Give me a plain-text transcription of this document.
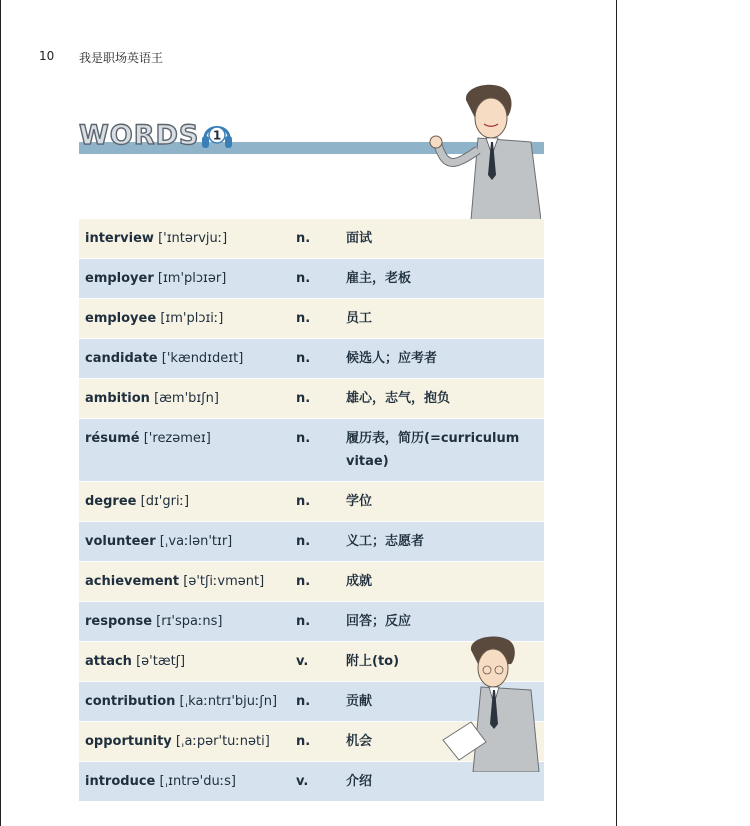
10 我是职场英语王
WORDS 1
interview ['ɪntərvjuː]	n.	面试
employer [ɪm'plɔɪər]	n.	雇主，老板
employee [ɪm'plɔɪiː]	n.	员工
candidate ['kændɪdeɪt]	n.	候选人；应考者
ambition [æm'bɪʃn]	n.	雄心，志气，抱负
résumé ['rezəmeɪ]	n.	履历表，简历(=curriculum vitae)
degree [dɪ'griː]	n.	学位
volunteer [ˌvaːlən'tɪr]	n.	义工；志愿者
achievement [ə'tʃiːvmənt]	n.	成就
response [rɪ'spaːns]	n.	回答；反应
attach [ə'tætʃ]	v.	附上(to)
contribution [ˌkaːntrɪ'bjuːʃn]	n.	贡献
opportunity [ˌaːpər'tuːnəti]	n.	机会
introduce [ˌɪntrə'duːs]	v.	介绍
